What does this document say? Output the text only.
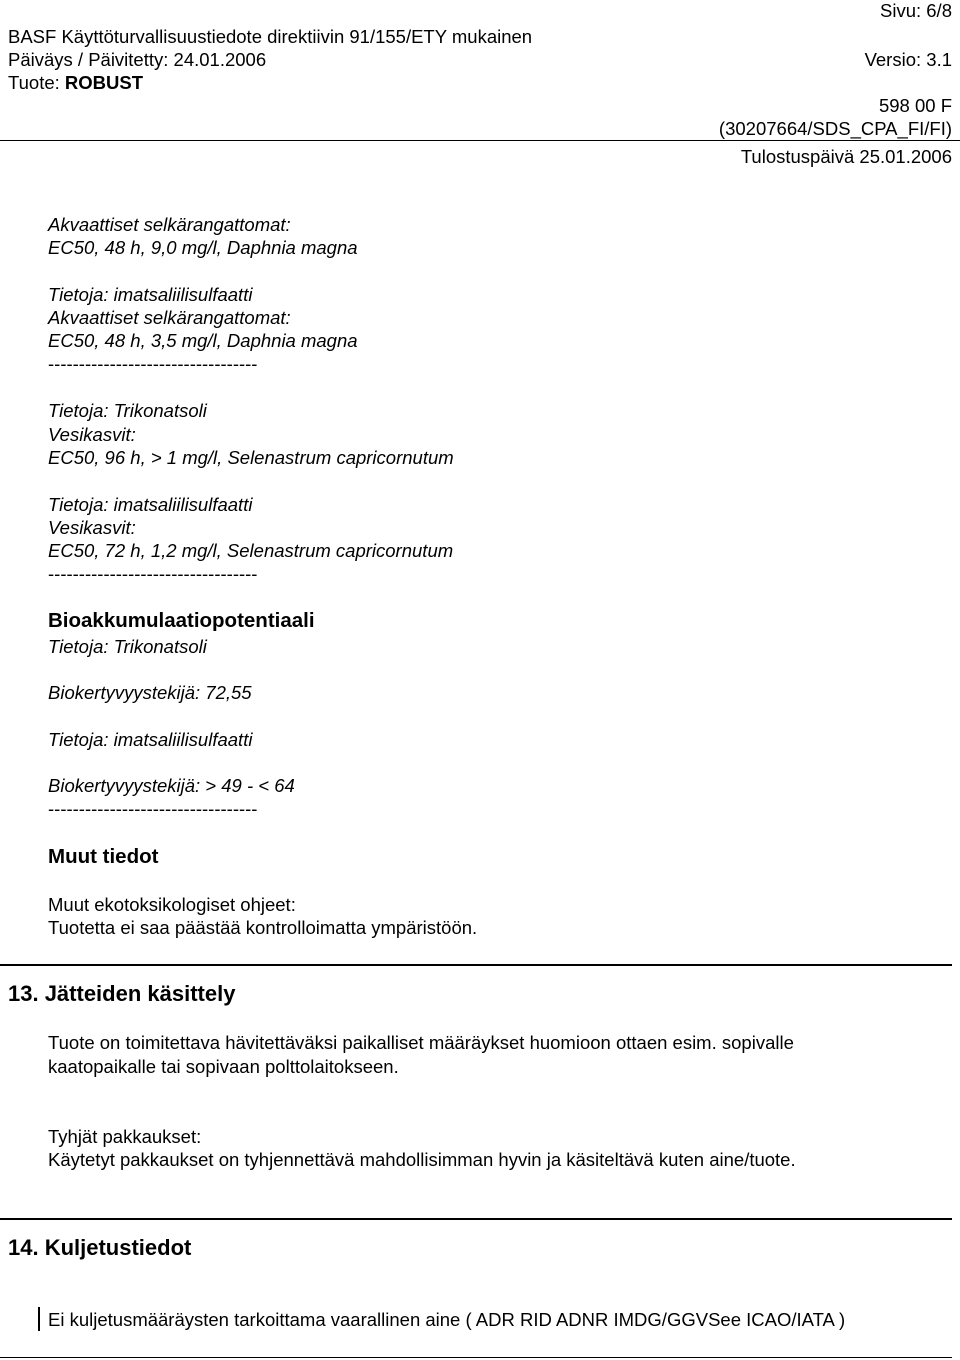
Sivu: 6/8
BASF Käyttöturvallisuustiedote direktiivin 91/155/ETY mukainen
Päiväys / Päivitetty: 24.01.2006	Versio: 3.1
Tuote: ROBUST
598 00 F
(30207664/SDS_CPA_FI/FI)
Tulostuspäivä 25.01.2006
Akvaattiset selkärangattomat:
EC50, 48 h, 9,0 mg/l, Daphnia magna
Tietoja: imatsaliilisulfaatti
Akvaattiset selkärangattomat:
EC50, 48 h, 3,5 mg/l, Daphnia magna
----------------------------------
Tietoja: Trikonatsoli
Vesikasvit:
EC50, 96 h, > 1 mg/l, Selenastrum capricornutum
Tietoja: imatsaliilisulfaatti
Vesikasvit:
EC50, 72 h, 1,2 mg/l, Selenastrum capricornutum
----------------------------------
Bioakkumulaatiopotentiaali
Tietoja: Trikonatsoli
Biokertyvyystekijä: 72,55
Tietoja: imatsaliilisulfaatti
Biokertyvyystekijä: > 49 - < 64
----------------------------------
Muut tiedot
Muut ekotoksikologiset ohjeet:
Tuotetta ei saa päästää kontrolloimatta ympäristöön.
13. Jätteiden käsittely
Tuote on toimitettava hävitettäväksi paikalliset määräykset huomioon ottaen esim. sopivalle
kaatopaikalle tai sopivaan polttolaitokseen.
Tyhjät pakkaukset:
Käytetyt pakkaukset on tyhjennettävä mahdollisimman hyvin ja käsiteltävä kuten aine/tuote.
14. Kuljetustiedot
Ei kuljetusmääräysten tarkoittama vaarallinen aine ( ADR RID ADNR IMDG/GGVSee ICAO/IATA )
